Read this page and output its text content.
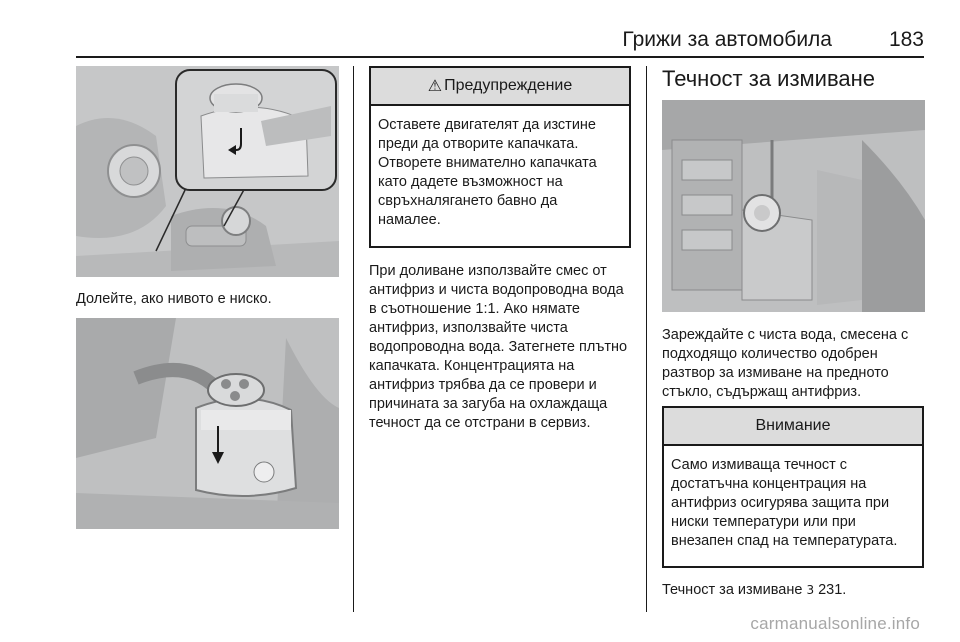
Грижи за автомобила	183
Долейте, ако нивото е ниско.
⚠ Предупреждение
Оставете двигателят да изстине преди да отворите капачката. Отворете внимателно капачката като дадете възможност на свръхналягането бавно да намалее.

При доливане използвайте смес от антифриз и чиста водопроводна вода в съотношение 1:1. Ако нямате антифриз, използвайте чиста водопроводна вода. Затегнете плътно капачката. Концентрацията на антифриз трябва да се провери и причината за загуба на охлаждаща течност да се отстрани в сервиз.

Течност за измиване

Зареждайте с чиста вода, смесена с подходящо количество одобрен разтвор за измиване на предното стъкло, съдържащ антифриз.

Внимание
Само измиваща течност с достатъчна концентрация на антифриз осигурява защита при ниски температури или при внезапен спад на температурата.
Течност за измиване 3 231.
carmanualsonline.info
